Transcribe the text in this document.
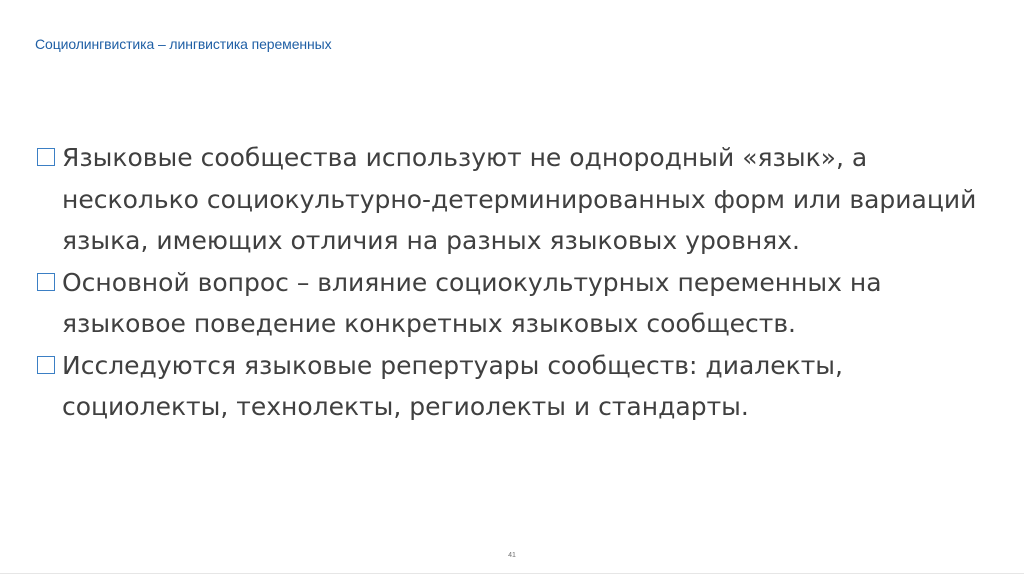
Социолингвистика – лингвистика переменных
Языковые сообщества используют не однородный «язык», а несколько социокультурно-детерминированных форм или вариаций языка, имеющих отличия на разных языковых уровнях.
Основной вопрос – влияние социокультурных переменных на языковое поведение конкретных языковых сообществ.
Исследуются языковые репертуары сообществ: диалекты, социолекты, технолекты, региолекты и стандарты.
41
